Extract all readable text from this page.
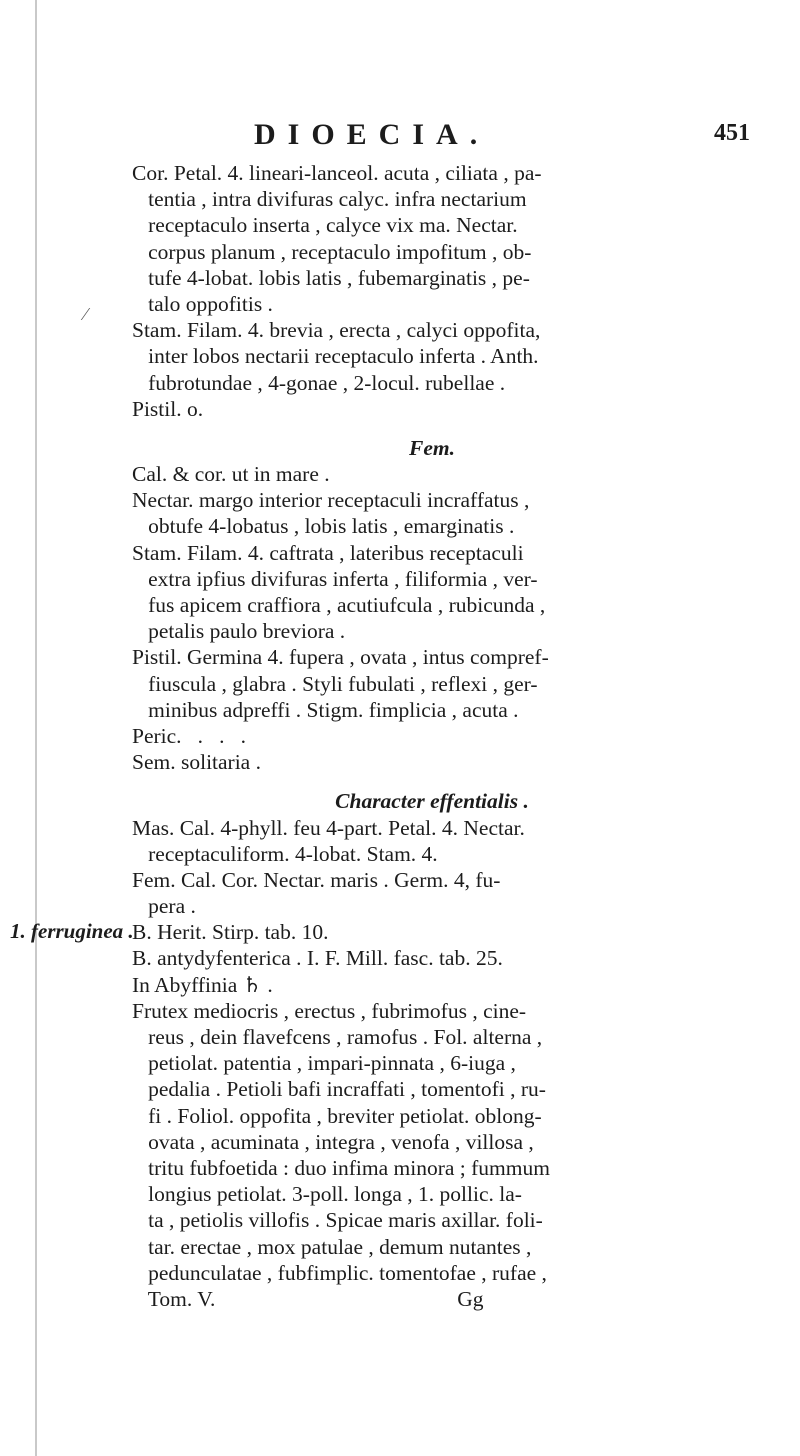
DIOECIA.	451
1. ferruginea .
Cor. Petal. 4. lineari-lanceol. acuta , ciliata , pa-
tentia , intra divifuras calyc. infra nectarium
receptaculo inserta , calyce vix ma. Nectar.
corpus planum , receptaculo impofitum , ob-
tufe 4-lobat. lobis latis , fubemarginatis , pe-
talo oppofitis .
Stam. Filam. 4. brevia , erecta , calyci oppofita,
inter lobos nectarii receptaculo inferta . Anth.
fubrotundae , 4-gonae , 2-locul. rubellae .
Pistil. o.
Fem.
Cal. & cor. ut in mare .
Nectar. margo interior receptaculi incraffatus ,
obtufe 4-lobatus , lobis latis , emarginatis .
Stam. Filam. 4. caftrata , lateribus receptaculi
extra ipfius divifuras inferta , filiformia , ver-
fus apicem craffiora , acutiufcula , rubicunda ,
petalis paulo breviora .
Pistil. Germina 4. fupera , ovata , intus compref-
fiuscula , glabra . Styli fubulati , reflexi , ger-
minibus adpreffi . Stigm. fimplicia , acuta .
Peric.   .   .   .
Sem. solitaria .
Character effentialis .
Mas. Cal. 4-phyll. feu 4-part. Petal. 4. Nectar.
receptaculiform. 4-lobat. Stam. 4.
Fem. Cal. Cor. Nectar. maris . Germ. 4, fu-
pera .
B. Herit. Stirp. tab. 10.
B. antydyfenterica . I. F. Mill. fasc. tab. 25.
In Abyffinia ♄ .
Frutex mediocris , erectus , fubrimofus , cine-
reus , dein flavefcens , ramofus . Fol. alterna ,
petiolat. patentia , impari-pinnata , 6-iuga ,
pedalia . Petioli bafi incraffati , tomentofi , ru-
fi . Foliol. oppofita , breviter petiolat. oblong-
ovata , acuminata , integra , venofa , villosa ,
tritu fubfoetida : duo infima minora ; fummum
longius petiolat. 3-poll. longa , 1. pollic. la-
ta , petiolis villofis . Spicae maris axillar. foli-
tar. erectae , mox patulae , demum nutantes ,
pedunculatae , fubfimplic. tomentofae , rufae ,
Tom. V.                                             Gg
⁄
